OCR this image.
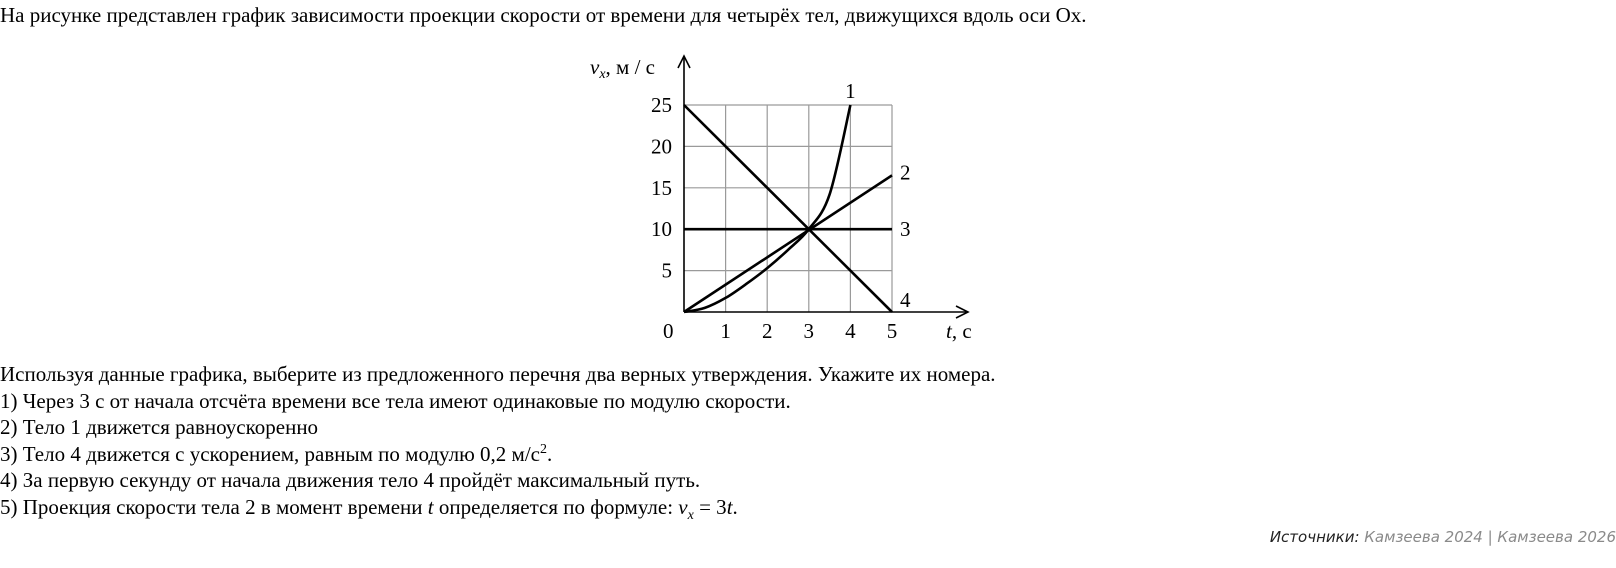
На рисунке представлен график зависимости проекции скорости от времени для четырёх тел, движущихся вдоль оси Ox.
1
2
3
4
1 2 3 4 5
5
10
15
20
25
vx, м / с
t, с
0
Используя данные графика, выберите из предложенного перечня два верных утверждения. Укажите их номера.
1) Через 3 с от начала отсчёта времени все тела имеют одинаковые по модулю скорости.
2) Тело 1 движется равноускоренно
3) Тело 4 движется с ускорением, равным по модулю 0,2 $м/с^2$.
4) За первую секунду от начала движения тело 4 пройдёт максимальный путь.
5) Проекция скорости тела 2 в момент времени t определяется по формуле: $v_x = 3t$.
Источники: Камзеева 2024 | Камзеева 2026
